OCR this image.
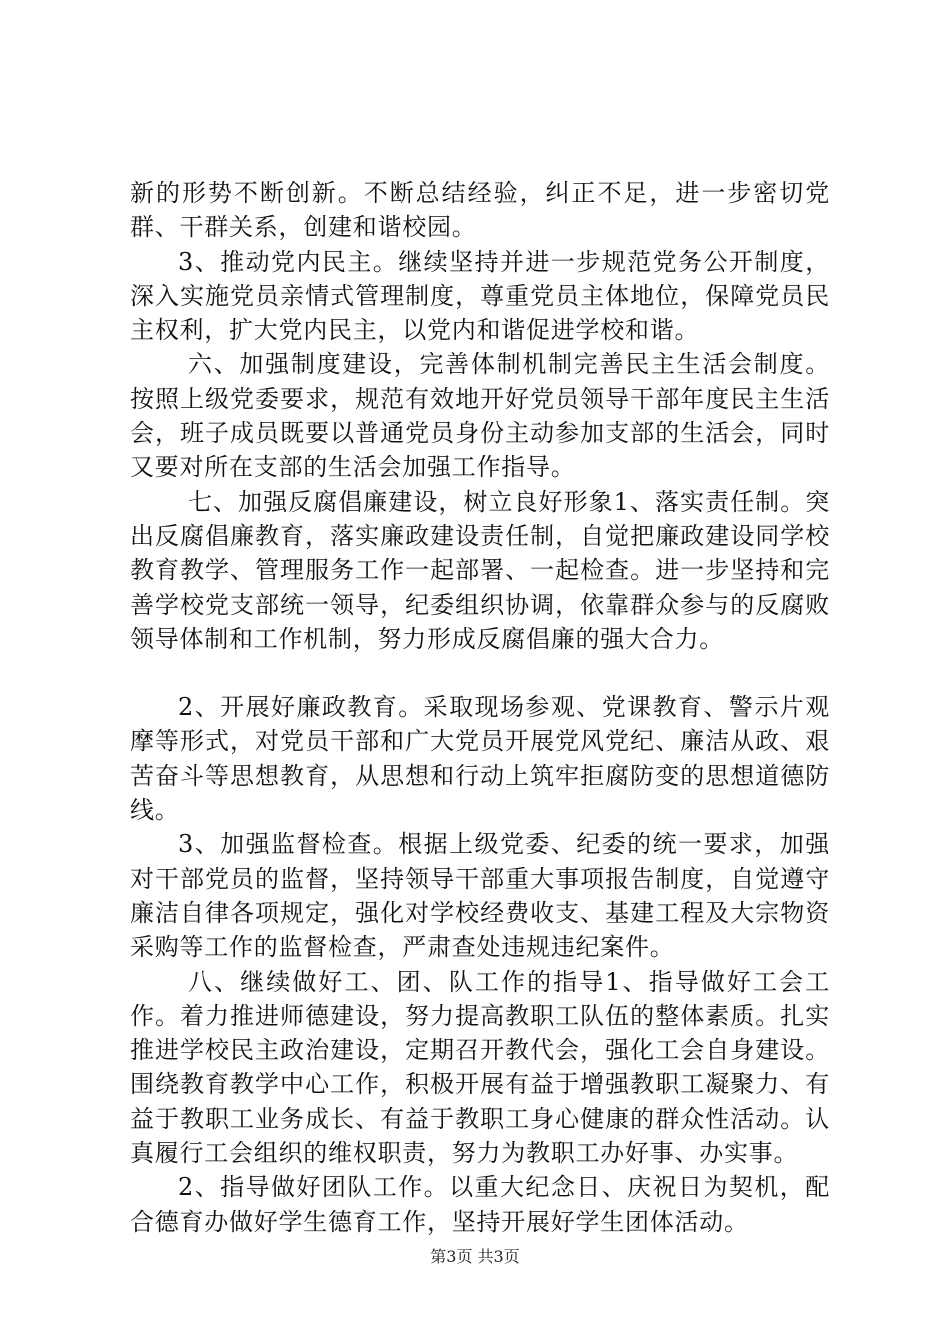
新的形势不断创新。不断总结经验，纠正不足，进一步密切党群、干群关系，创建和谐校园。

3、推动党内民主。继续坚持并进一步规范党务公开制度，深入实施党员亲情式管理制度，尊重党员主体地位，保障党员民主权利，扩大党内民主，以党内和谐促进学校和谐。

六、加强制度建设，完善体制机制完善民主生活会制度。按照上级党委要求，规范有效地开好党员领导干部年度民主生活会，班子成员既要以普通党员身份主动参加支部的生活会，同时又要对所在支部的生活会加强工作指导。

七、加强反腐倡廉建设，树立良好形象1、落实责任制。突出反腐倡廉教育，落实廉政建设责任制，自觉把廉政建设同学校教育教学、管理服务工作一起部署、一起检查。进一步坚持和完善学校党支部统一领导，纪委组织协调，依靠群众参与的反腐败领导体制和工作机制，努力形成反腐倡廉的强大合力。

2、开展好廉政教育。采取现场参观、党课教育、警示片观摩等形式，对党员干部和广大党员开展党风党纪、廉洁从政、艰苦奋斗等思想教育，从思想和行动上筑牢拒腐防变的思想道德防线。

3、加强监督检查。根据上级党委、纪委的统一要求，加强对干部党员的监督，坚持领导干部重大事项报告制度，自觉遵守廉洁自律各项规定，强化对学校经费收支、基建工程及大宗物资采购等工作的监督检查，严肃查处违规违纪案件。

八、继续做好工、团、队工作的指导1、指导做好工会工作。着力推进师德建设，努力提高教职工队伍的整体素质。扎实推进学校民主政治建设，定期召开教代会，强化工会自身建设。围绕教育教学中心工作，积极开展有益于增强教职工凝聚力、有益于教职工业务成长、有益于教职工身心健康的群众性活动。认真履行工会组织的维权职责，努力为教职工办好事、办实事。

2、指导做好团队工作。以重大纪念日、庆祝日为契机，配合德育办做好学生德育工作，坚持开展好学生团体活动。

第3页 共3页
